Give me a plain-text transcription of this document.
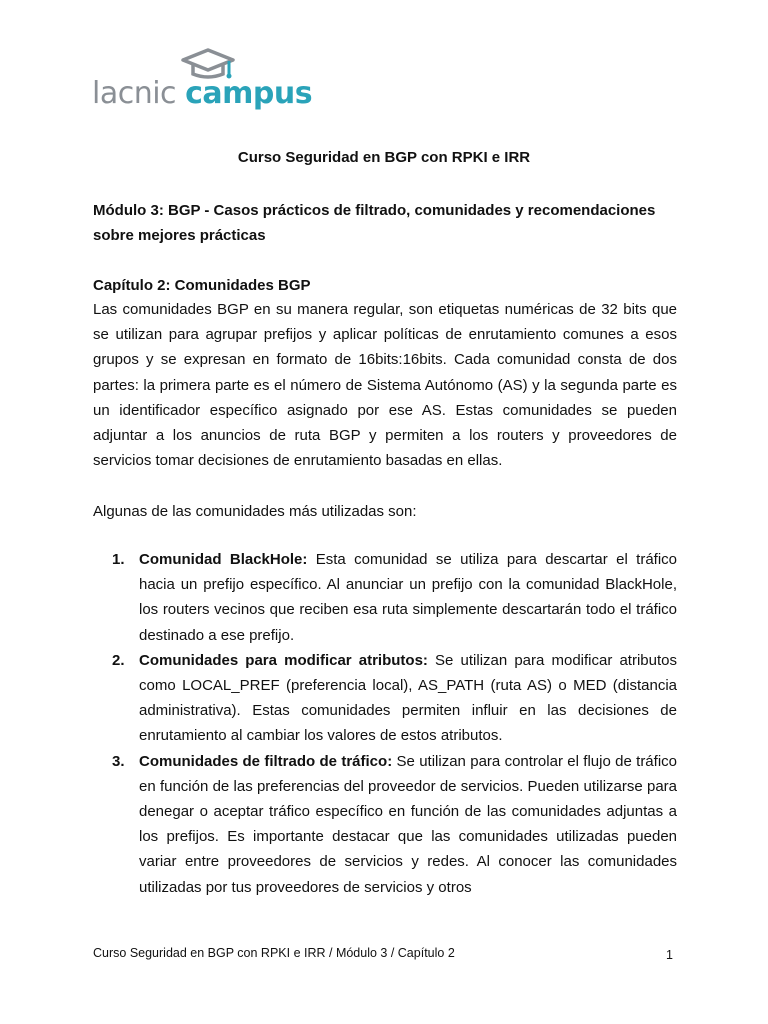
lacnic campus
Curso Seguridad en BGP con RPKI e IRR
Módulo 3: BGP - Casos prácticos de filtrado, comunidades y recomendaciones sobre mejores prácticas
Capítulo 2: Comunidades BGP

Las comunidades BGP en su manera regular, son etiquetas numéricas de 32 bits que se utilizan para agrupar prefijos y aplicar políticas de enrutamiento comunes a esos grupos y se expresan en formato de 16bits:16bits. Cada comunidad consta de dos partes: la primera parte es el número de Sistema Autónomo (AS) y la segunda parte es un identificador específico asignado por ese AS. Estas comunidades se pueden adjuntar a los anuncios de ruta BGP y permiten a los routers y proveedores de servicios tomar decisiones de enrutamiento basadas en ellas.

Algunas de las comunidades más utilizadas son:

1. Comunidad BlackHole: Esta comunidad se utiliza para descartar el tráfico hacia un prefijo específico. Al anunciar un prefijo con la comunidad BlackHole, los routers vecinos que reciben esa ruta simplemente descartarán todo el tráfico destinado a ese prefijo.
2. Comunidades para modificar atributos: Se utilizan para modificar atributos como LOCAL_PREF (preferencia local), AS_PATH (ruta AS) o MED (distancia administrativa). Estas comunidades permiten influir en las decisiones de enrutamiento al cambiar los valores de estos atributos.
3. Comunidades de filtrado de tráfico: Se utilizan para controlar el flujo de tráfico en función de las preferencias del proveedor de servicios. Pueden utilizarse para denegar o aceptar tráfico específico en función de las comunidades adjuntas a los prefijos. Es importante destacar que las comunidades utilizadas pueden variar entre proveedores de servicios y redes. Al conocer las comunidades utilizadas por tus proveedores de servicios y otros
Curso Seguridad en BGP con RPKI e IRR / Módulo 3 / Capítulo 2	1
